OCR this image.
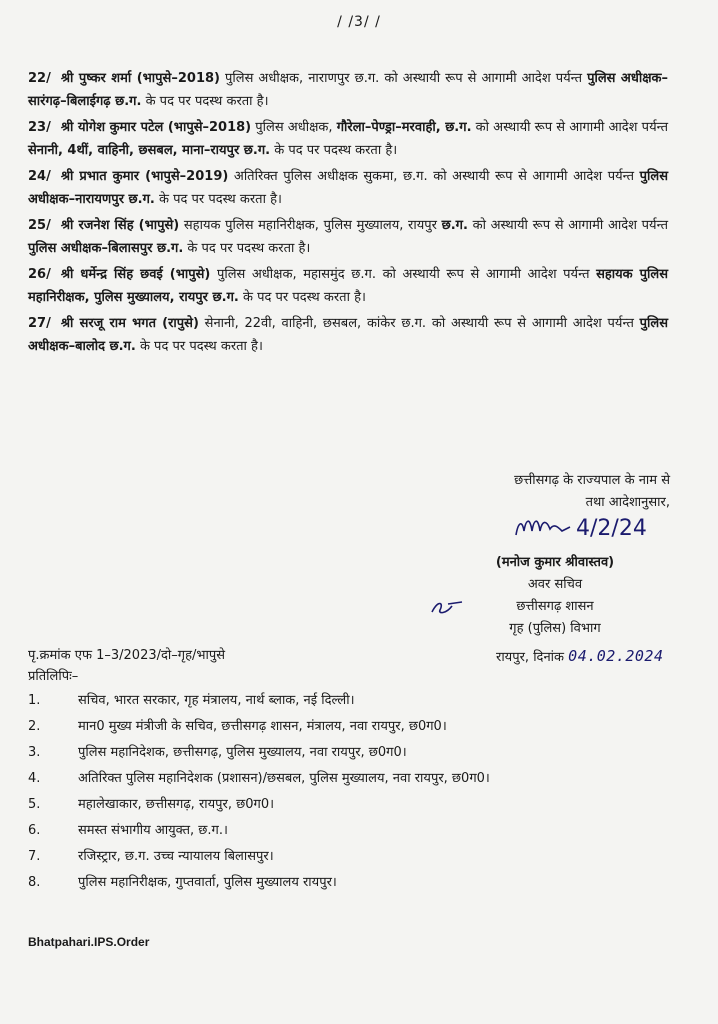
/ /3/ /

22/ श्री पुष्कर शर्मा (भापुसे–2018) पुलिस अधीक्षक, नाराणपुर छ.ग. को अस्थायी रूप से आगामी आदेश पर्यन्त पुलिस अधीक्षक–सारंगढ़–बिलाईगढ़ छ.ग. के पद पर पदस्थ करता है।

23/ श्री योगेश कुमार पटेल (भापुसे–2018) पुलिस अधीक्षक, गौरेला–पेण्ड्रा–मरवाही, छ.ग. को अस्थायी रूप से आगामी आदेश पर्यन्त सेनानी, 4थीं, वाहिनी, छसबल, माना–रायपुर छ.ग. के पद पर पदस्थ करता है।

24/ श्री प्रभात कुमार (भापुसे–2019) अतिरिक्त पुलिस अधीक्षक सुकमा, छ.ग. को अस्थायी रूप से आगामी आदेश पर्यन्त पुलिस अधीक्षक–नारायणपुर छ.ग. के पद पर पदस्थ करता है।

25/ श्री रजनेश सिंह (भापुसे) सहायक पुलिस महानिरीक्षक, पुलिस मुख्यालय, रायपुर छ.ग. को अस्थायी रूप से आगामी आदेश पर्यन्त पुलिस अधीक्षक–बिलासपुर छ.ग. के पद पर पदस्थ करता है।

26/ श्री धर्मेन्द्र सिंह छवई (भापुसे) पुलिस अधीक्षक, महासमुंद छ.ग. को अस्थायी रूप से आगामी आदेश पर्यन्त सहायक पुलिस महानिरीक्षक, पुलिस मुख्यालय, रायपुर छ.ग. के पद पर पदस्थ करता है।

27/ श्री सरजू राम भगत (रापुसे) सेनानी, 22वी, वाहिनी, छसबल, कांकेर छ.ग. को अस्थायी रूप से आगामी आदेश पर्यन्त पुलिस अधीक्षक–बालोद छ.ग. के पद पर पदस्थ करता है।

छत्तीसगढ़ के राज्यपाल के नाम से
तथा आदेशानुसार,
4/2/24
(मनोज कुमार श्रीवास्तव)
अवर सचिव
छत्तीसगढ़ शासन
गृह (पुलिस) विभाग
पृ.क्रमांक एफ 1–3/2023/दो–गृह/भापुसे	रायपुर, दिनांक 04.02.2024
प्रतिलिपिः–
1.	सचिव, भारत सरकार, गृह मंत्रालय, नार्थ ब्लाक, नई दिल्ली।
2.	मान0 मुख्य मंत्रीजी के सचिव, छत्तीसगढ़ शासन, मंत्रालय, नवा रायपुर, छ0ग0।
3.	पुलिस महानिदेशक, छत्तीसगढ़, पुलिस मुख्यालय, नवा रायपुर, छ0ग0।
4.	अतिरिक्त पुलिस महानिदेशक (प्रशासन)/छसबल, पुलिस मुख्यालय, नवा रायपुर, छ0ग0।
5.	महालेखाकार, छत्तीसगढ़, रायपुर, छ0ग0।
6.	समस्त संभागीय आयुक्त, छ.ग.।
7.	रजिस्ट्रार, छ.ग. उच्च न्यायालय बिलासपुर।
8.	पुलिस महानिरीक्षक, गुप्तवार्ता, पुलिस मुख्यालय रायपुर।
Bhatpahari.IPS.Order
